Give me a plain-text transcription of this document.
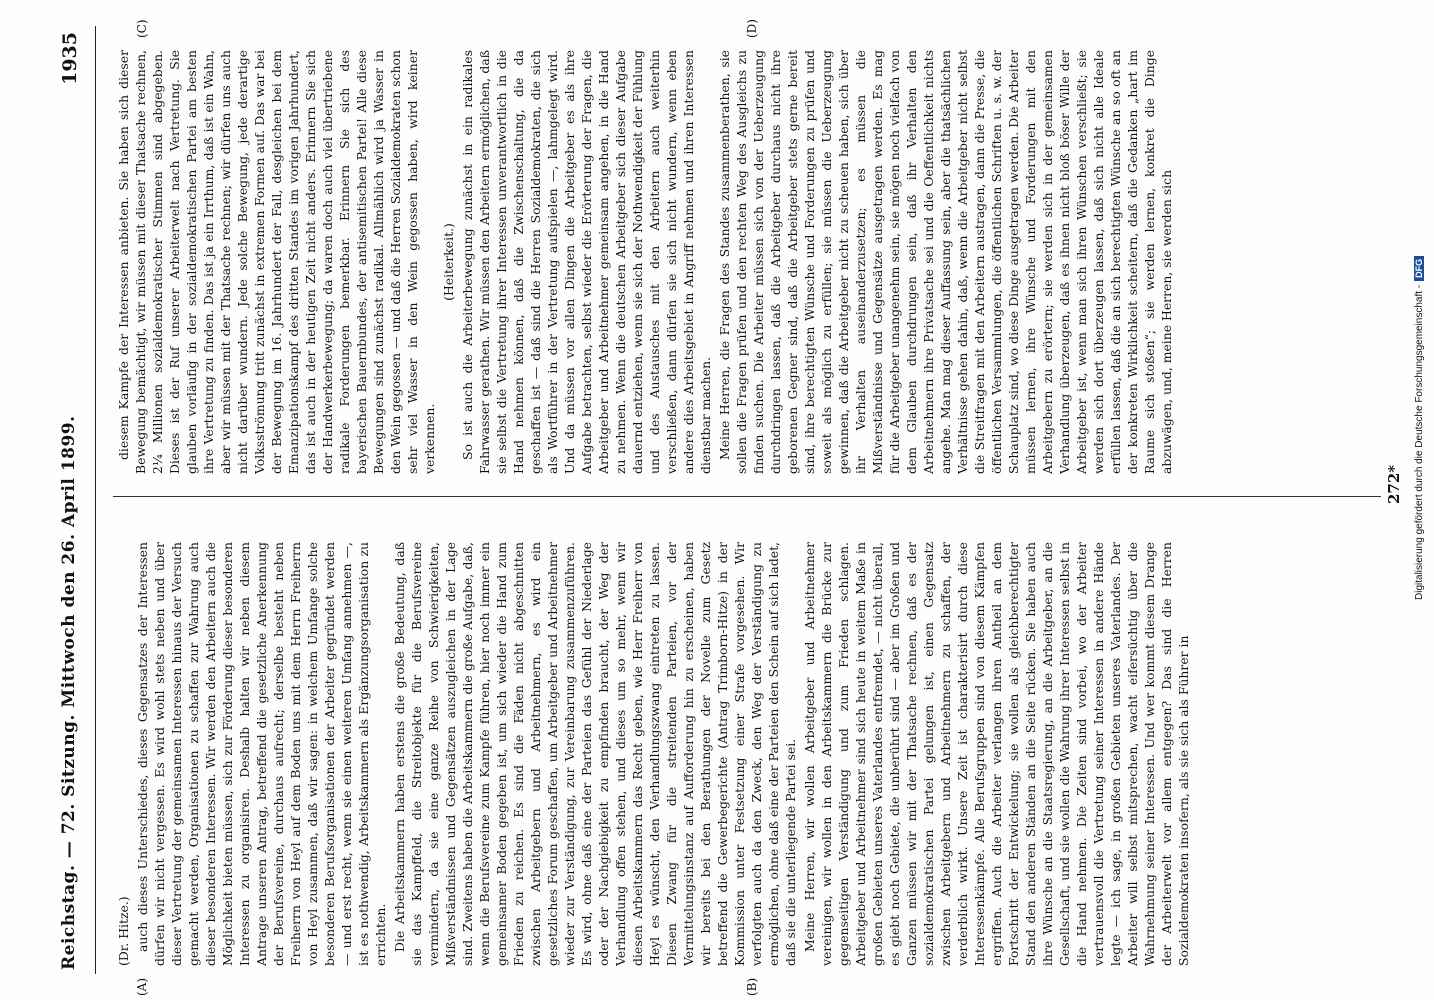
Reichstag. — 72. Sitzung. Mittwoch den 26. April 1899.
1935
(A)	(B)
(C)	(D)

(Dr. Hitze.) auch dieses Unterschiedes, dieses Gegensatzes der Interessen dürfen wir nicht vergessen. Es wird wohl stets neben und über dieser Vertretung der gemeinsamen Interessen hinaus der Versuch gemacht werden, Organisationen zu schaffen zur Wahrung auch dieser besonderen Interessen. Wir werden den Arbeitern auch die Möglichkeit bieten müssen, sich zur Förderung dieser besonderen Interessen zu organisiren. Deshalb halten wir neben diesem Antrage unseren Antrag, betreffend die gesetzliche Anerkennung der Berufsvereine, durchaus aufrecht; derselbe besteht neben Freiherrn von Heyl auf dem Boden uns mit dem Herrn Freiherrn von Heyl zusammen, daß wir sagen: in welchem Umfange solche besonderen Berufsorganisationen der Arbeiter gegründet werden — und erst recht, wenn sie einen weiteren Umfang annehmen —, ist es nothwendig, Arbeitskammern als Ergänzungsorganisation zu errichten. Die Arbeitskammern haben erstens die große Bedeutung, daß sie das Kampffeld, die Streitobjekte für die Berufsvereine vermindern, da sie eine ganze Reihe von Schwierigkeiten, Mißverständnissen und Gegensätzen auszugleichen in der Lage sind. Zweitens haben die Arbeitskammern die große Aufgabe, daß, wenn die Berufsvereine zum Kampfe führen, hier noch immer ein gemeinsamer Boden gegeben ist, um sich wieder die Hand zum Frieden zu reichen. Es sind die Fäden nicht abgeschnitten zwischen Arbeitgebern und Arbeitnehmern, es wird ein gesetzliches Forum geschaffen, um Arbeitgeber und Arbeitnehmer wieder zur Verständigung, zur Vereinbarung zusammenzuführen. Es wird, ohne daß eine der Parteien das Gefühl der Niederlage oder der Nachgiebigkeit zu empfinden braucht, der Weg der Verhandlung offen stehen, und dieses um so mehr, wenn wir diesen Arbeitskammern das Recht geben, wie Herr Freiherr von Heyl es wünscht, den Verhandlungszwang eintreten zu lassen. Diesen Zwang für die streitenden Parteien, vor der Vermittelungsinstanz auf Aufforderung hin zu erscheinen, haben wir bereits bei den Berathungen der Novelle zum Gesetz betreffend die Gewerbegerichte (Antrag Trimborn-Hitze) in der Kommission unter Festsetzung einer Strafe vorgesehen. Wir verfolgten auch da den Zweck, den Weg der Verständigung zu ermöglichen, ohne daß eine der Parteien den Schein auf sich ladet, daß sie die unterliegende Partei sei. Meine Herren, wir wollen Arbeitgeber und Arbeitnehmer vereinigen, wir wollen in den Arbeitskammern die Brücke zur gegenseitigen Verständigung und zum Frieden schlagen. Arbeitgeber und Arbeitnehmer sind sich heute in weitem Maße in großen Gebieten unseres Vaterlandes entfremdet, — nicht überall, es giebt noch Gebiete, die unberührt sind — aber im Großen und Ganzen müssen wir mit der Thatsache rechnen, daß es der sozialdemokratischen Partei gelungen ist, einen Gegensatz zwischen Arbeitgebern und Arbeitnehmern zu schaffen, der verderblich wirkt. Unsere Zeit ist charakterisirt durch diese Interessenkämpfe. Alle Berufsgruppen sind von diesem Kämpfen ergriffen. Auch die Arbeiter verlangen ihren Antheil an dem Fortschritt der Entwickelung; sie wollen als gleichberechtigter Stand den anderen Ständen an die Seite rücken. Sie haben auch ihre Wünsche an die Staatsregierung, an die Arbeitgeber, an die Gesellschaft, und sie wollen die Wahrung ihrer Interessen selbst in die Hand nehmen. Die Zeiten sind vorbei, wo der Arbeiter vertrauensvoll die Vertretung seiner Interessen in andere Hände legte — ich sage, in großen Gebieten unseres Vaterlandes. Der Arbeiter will selbst mitsprechen, wacht eifersüchtig über die Wahrnehmung seiner Interessen. Und wer kommt diesem Drange der Arbeiterwelt vor allem entgegen? Das sind die Herren Sozialdemokraten insofern, als sie sich als Führer in

diesem Kampfe der Interessen anbieten. Sie haben sich dieser Bewegung bemächtigt, wir müssen mit dieser Thatsache rechnen, 2¼ Millionen sozialdemokratischer Stimmen sind abgegeben. Dieses ist der Ruf unserer Arbeiterwelt nach Vertretung. Sie glauben vorläufig in der sozialdemokratischen Partei am besten ihre Vertretung zu finden. Das ist ja ein Irrthum, daß ist ein Wahn, aber wir müssen mit der Thatsache rechnen; wir dürfen uns auch nicht darüber wundern. Jede solche Bewegung, jede derartige Volksströmung tritt zunächst in extremen Formen auf. Das war bei der Bewegung im 16. Jahrhundert der Fall, desgleichen bei dem Emanzipationskampf des dritten Standes im vorigen Jahrhundert, das ist auch in der heutigen Zeit nicht anders. Erinnern Sie sich der Handwerkerbewegung; da waren doch auch viel übertriebene radikale Forderungen bemerkbar. Erinnern Sie sich des bayerischen Bauernbundes, der antisemitischen Partei! Alle diese Bewegungen sind zunächst radikal. Allmählich wird ja Wasser in den Wein gegossen — und daß die Herren Sozialdemokraten schon sehr viel Wasser in den Wein gegossen haben, wird keiner verkennen.

(Heiterkeit.) So ist auch die Arbeiterbewegung zunächst in ein radikales Fahrwasser gerathen. Wir müssen den Arbeitern ermöglichen, daß sie selbst die Vertretung ihrer Interessen unverantwortlich in die Hand nehmen können, daß die Zwischenschaltung, die da geschaffen ist — daß sind die Herren Sozialdemokraten, die sich als Wortführer in der Vertretung aufspielen —, lahmgelegt wird. Und da müssen vor allen Dingen die Arbeitgeber es als ihre Aufgabe betrachten, selbst wieder die Erörterung der Fragen, die Arbeitgeber und Arbeitnehmer gemeinsam angehen, in die Hand zu nehmen. Wenn die deutschen Arbeitgeber sich dieser Aufgabe dauernd entziehen, wenn sie sich der Nothwendigkeit der Fühlung und des Austausches mit den Arbeitern auch weiterhin verschließen, dann dürfen sie sich nicht wundern, wenn eben andere dies Arbeitsgebiet in Angriff nehmen und ihren Interessen dienstbar machen. Meine Herren, die Fragen des Standes zusammenberathen, sie sollen die Fragen prüfen und den rechten Weg des Ausgleichs zu finden suchen. Die Arbeiter müssen sich von der Ueberzeugung durchdringen lassen, daß die Arbeitgeber durchaus nicht ihre geborenen Gegner sind, daß die Arbeitgeber stets gerne bereit sind, ihre berechtigten Wünsche und Forderungen zu prüfen und soweit als möglich zu erfüllen; sie müssen die Ueberzeugung gewinnen, daß die Arbeitgeber nicht zu scheuen haben, sich über ihr Verhalten auseinanderzusetzen; es müssen die Mißverständnisse und Gegensätze ausgetragen werden. Es mag für die Arbeitgeber unangenehm sein, sie mögen noch vielfach von dem Glauben durchdrungen sein, daß ihr Verhalten den Arbeitnehmern ihre Privatsache sei und die Oeffentlichkeit nichts angehe. Man mag dieser Auffassung sein, aber die thatsächlichen Verhältnisse gehen dahin, daß, wenn die Arbeitgeber nicht selbst die Streitfragen mit den Arbeitern austragen, dann die Presse, die öffentlichen Versammlungen, die öffentlichen Schriften u. s. w. der Schauplatz sind, wo diese Dinge ausgetragen werden. Die Arbeiter müssen lernen, ihre Wünsche und Forderungen mit den Arbeitgebern zu erörtern; sie werden sich in der gemeinsamen Verhandlung überzeugen, daß es ihnen nicht bloß böser Wille der Arbeitgeber ist, wenn man sich ihren Wünschen verschließt; sie werden sich dort überzeugen lassen, daß sich nicht alle Ideale erfüllen lassen, daß die an sich berechtigten Wünsche an so oft an der konkreten Wirklichkeit scheitern, daß die Gedanken „hart im Raume sich stoßen“; sie werden lernen, konkret die Dinge abzuwägen, und, meine Herren, sie werden sich

272* Digitalisierung gefördert durch die Deutsche Forschungsgemeinschaft -DFG
